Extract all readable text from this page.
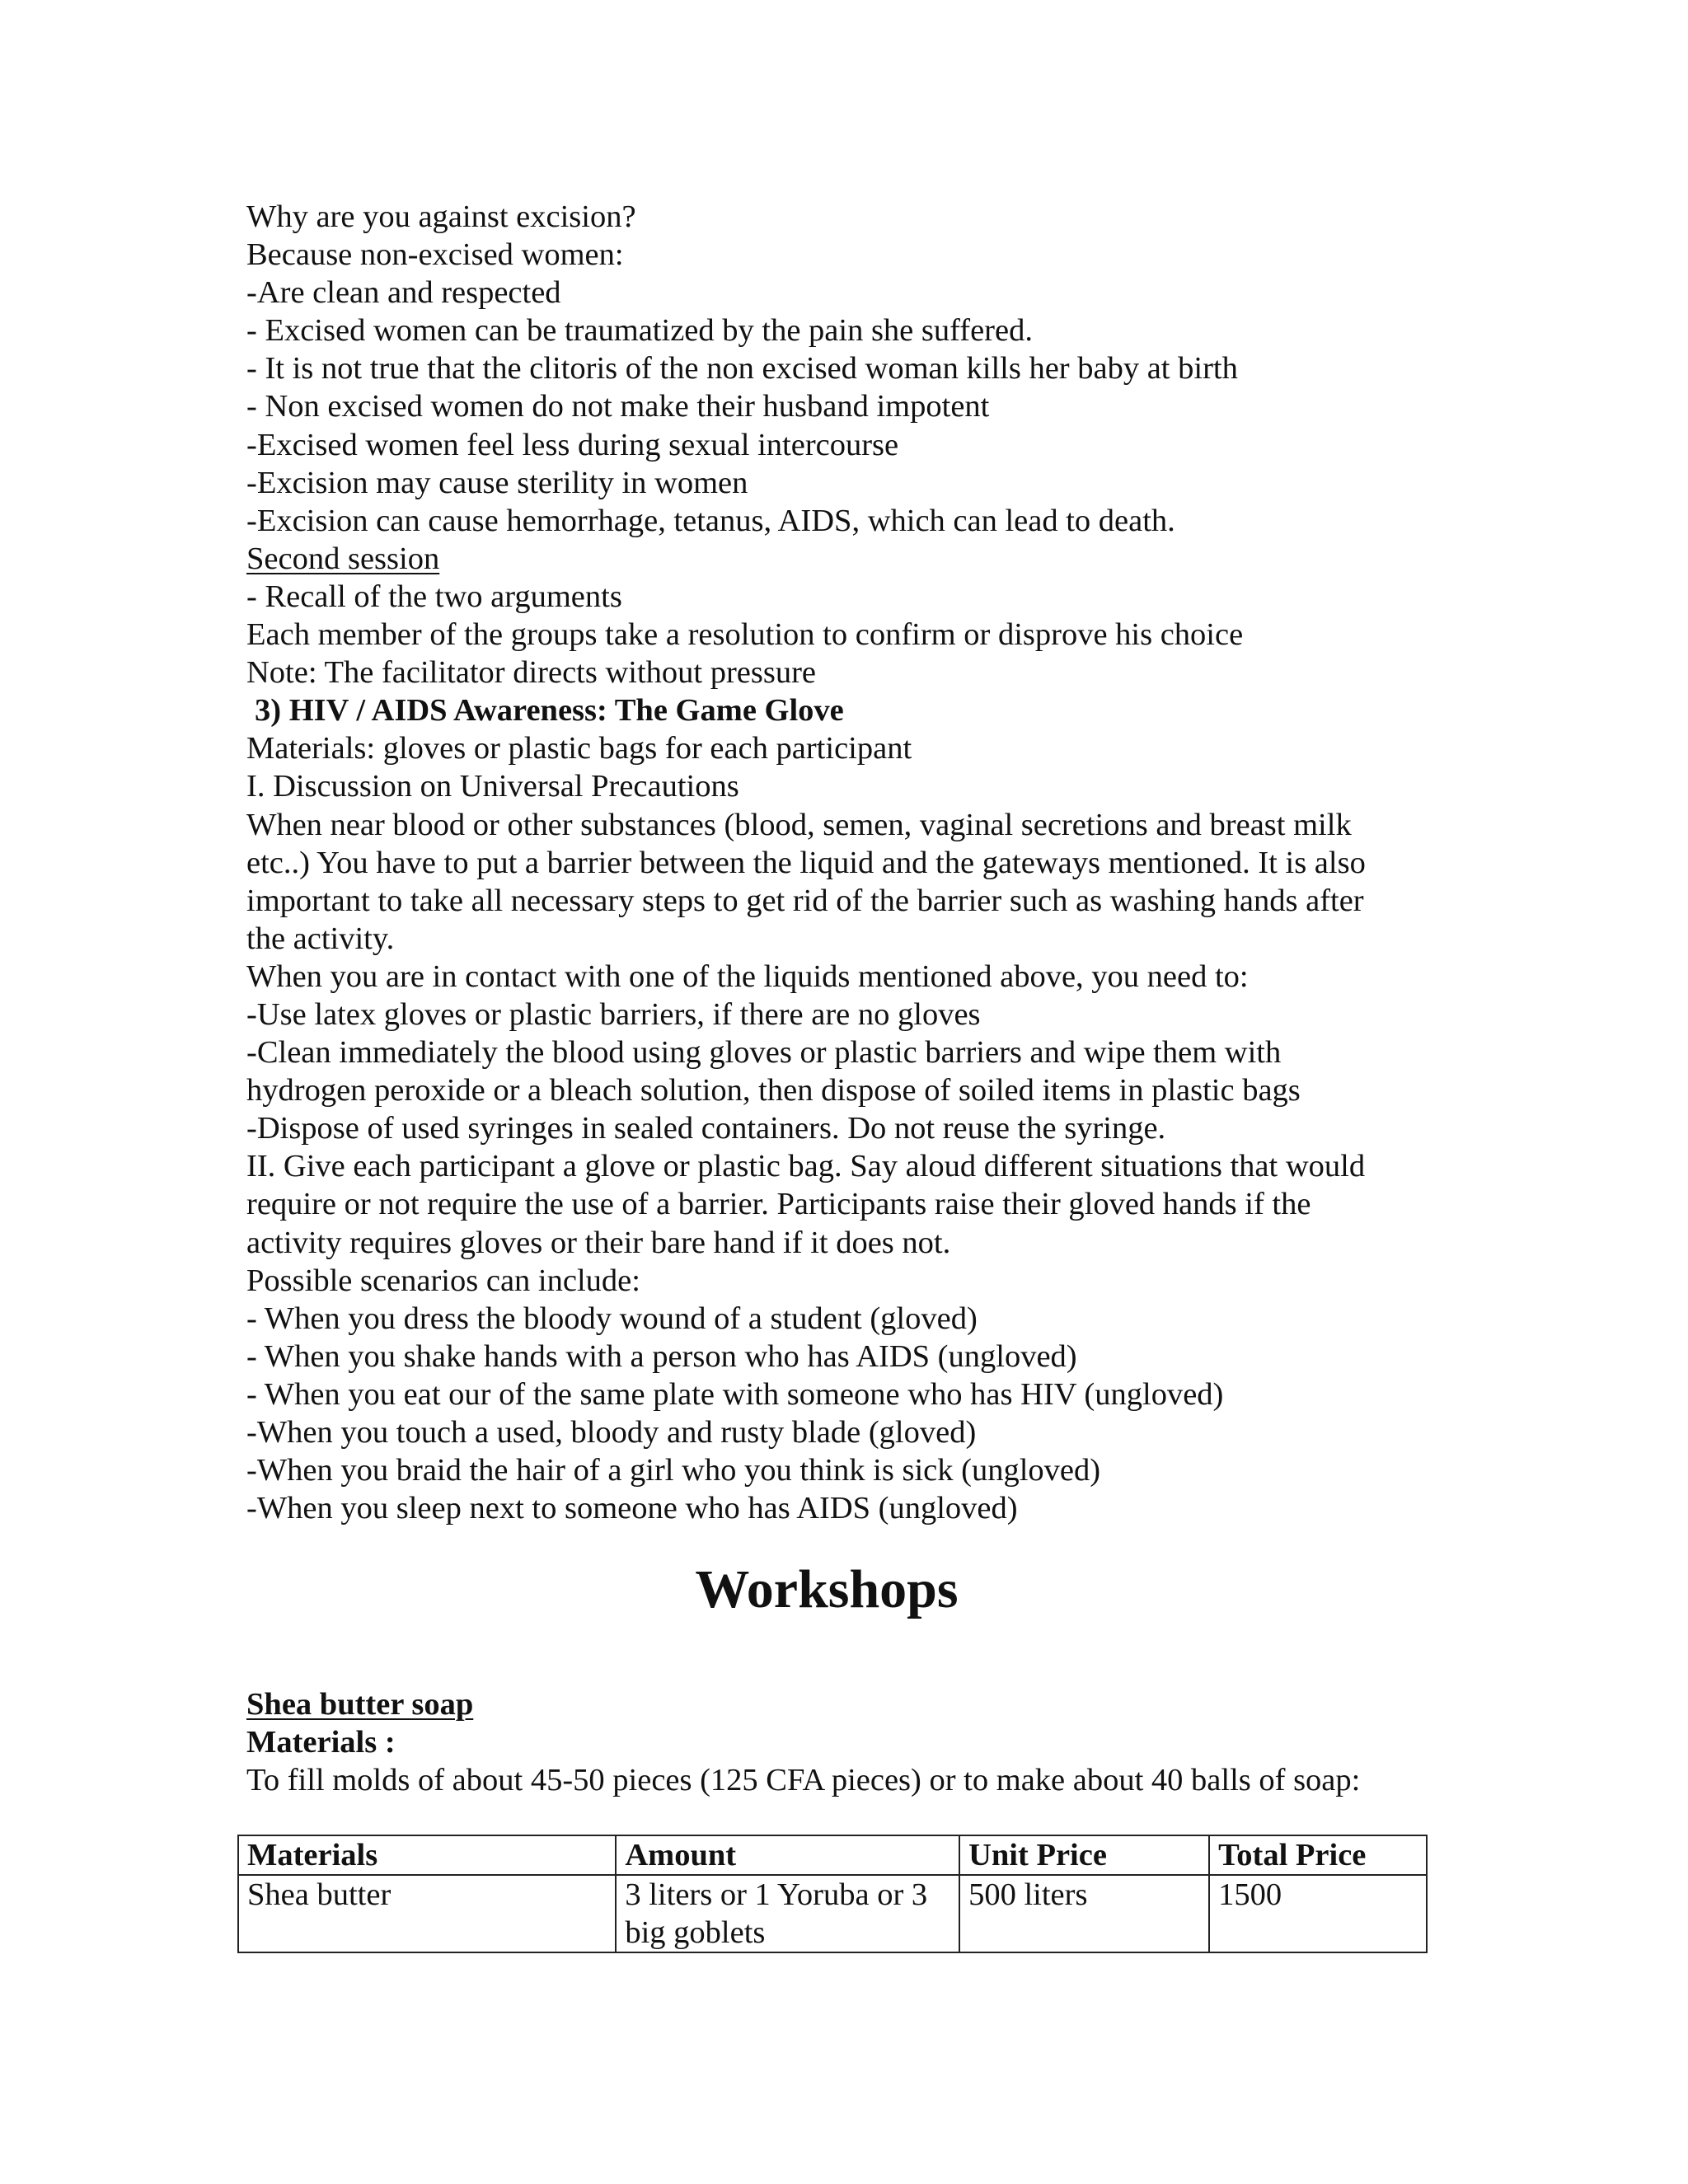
Why are you against excision?

Because non-excised women:

-Are clean and respected

- Excised women can be traumatized by the pain she suffered.

- It is not true that the clitoris of the non excised woman kills her baby at birth

- Non excised women do not make their husband impotent

-Excised women feel less during sexual intercourse

-Excision may cause sterility in women

-Excision can cause hemorrhage, tetanus, AIDS, which can lead to death.

Second session

- Recall of the two arguments

Each member of the groups take a resolution to confirm or disprove his choice

Note: The facilitator directs without pressure

3) HIV / AIDS Awareness: The Game Glove

Materials: gloves or plastic bags for each participant

I. Discussion on Universal Precautions

When near blood or other substances (blood, semen, vaginal secretions and breast milk

etc..) You have to put a barrier between the liquid and the gateways mentioned. It is also

important to take all necessary steps to get rid of the barrier such as washing hands after

the activity.

When you are in contact with one of the liquids mentioned above, you need to:

-Use latex gloves or plastic barriers, if there are no gloves

-Clean immediately the blood using gloves or plastic barriers and wipe them with

hydrogen peroxide or a bleach solution, then dispose of soiled items in plastic bags

-Dispose of used syringes in sealed containers. Do not reuse the syringe.

II. Give each participant a glove or plastic bag. Say aloud different situations that would

require or not require the use of a barrier. Participants raise their gloved hands if the

activity requires gloves or their bare hand if it does not.

Possible scenarios can include:

- When you dress the bloody wound of a student (gloved)

- When you shake hands with a person who has AIDS (ungloved)

- When you eat our of the same plate with someone who has HIV (ungloved)

-When you touch a used, bloody and rusty blade (gloved)

-When you braid the hair of a girl who you think is sick (ungloved)

-When you sleep next to someone who has AIDS (ungloved)

Workshops

Shea butter soap

Materials :

To fill molds of about 45-50 pieces (125 CFA pieces) or to make about 40 balls of soap:

Materials	Amount	Unit Price	Total Price
Shea butter	3 liters or 1 Yoruba or 3 big goblets	500 liters	1500
